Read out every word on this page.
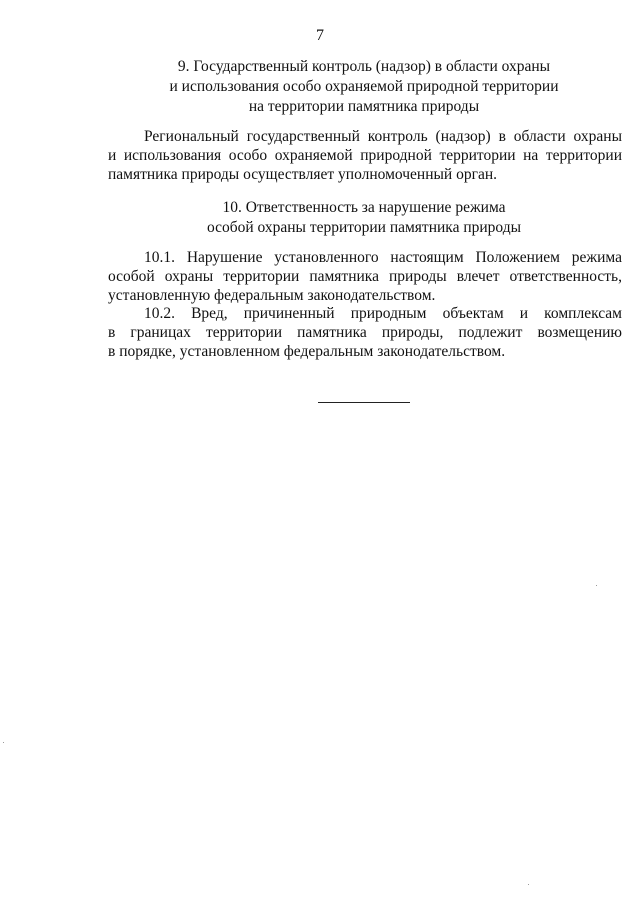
7
9. Государственный контроль (надзор) в области охраны
и использования особо охраняемой природной территории
на территории памятника природы
Региональный государственный контроль (надзор) в области охраны
и использования особо охраняемой природной территории на территории
памятника природы осуществляет уполномоченный орган.
10. Ответственность за нарушение режима
особой охраны территории памятника природы
10.1. Нарушение установленного настоящим Положением режима
особой охраны территории памятника природы влечет ответственность,
установленную федеральным законодательством.
10.2. Вред, причиненный природным объектам и комплексам
в границах территории памятника природы, подлежит возмещению
в порядке, установленном федеральным законодательством.
